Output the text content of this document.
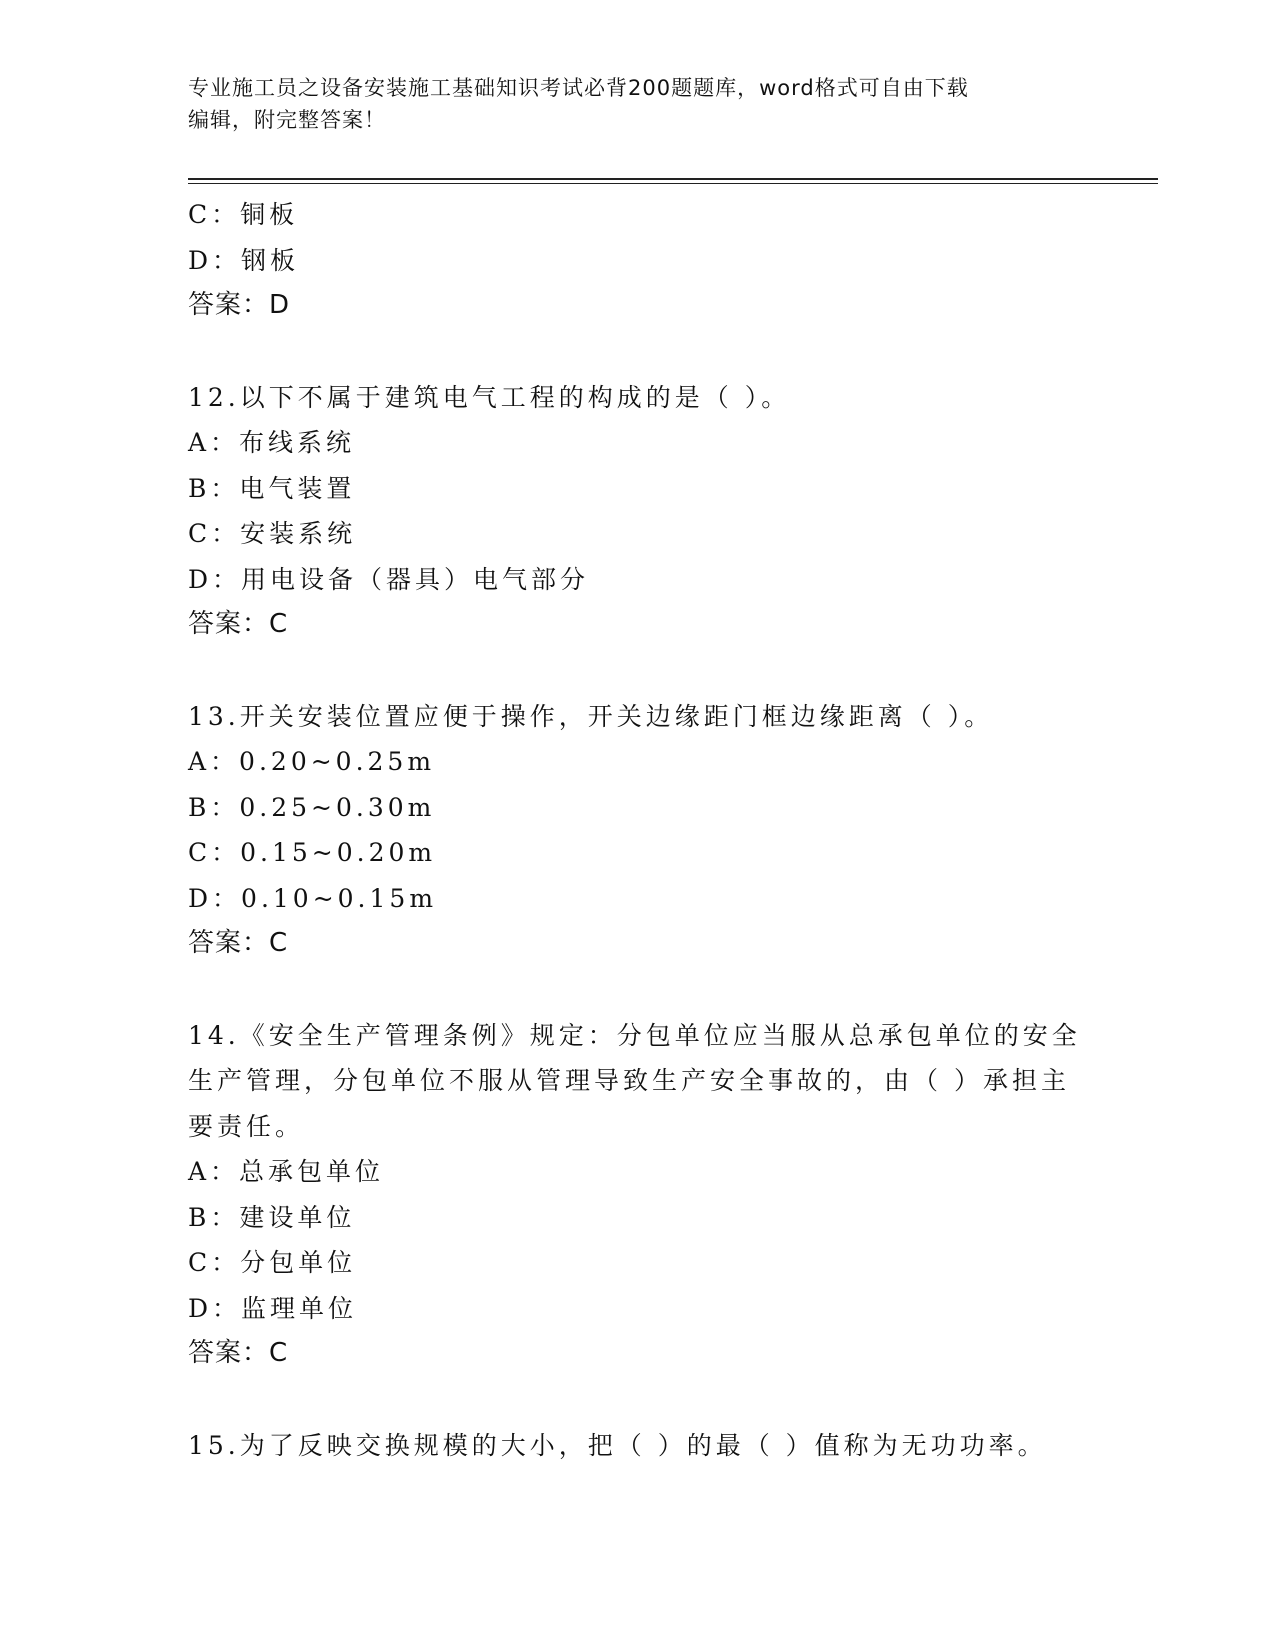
专业施工员之设备安装施工基础知识考试必背200题题库，word格式可自由下载
编辑，附完整答案！
C：铜板
D：钢板
答案：D
12.以下不属于建筑电气工程的构成的是（ ）。
A：布线系统
B：电气装置
C：安装系统
D：用电设备（器具）电气部分
答案：C
13.开关安装位置应便于操作，开关边缘距门框边缘距离（ ）。
A：0.20~0.25m
B：0.25~0.30m
C：0.15~0.20m
D：0.10~0.15m
答案：C
14.《安全生产管理条例》规定：分包单位应当服从总承包单位的安全
生产管理，分包单位不服从管理导致生产安全事故的，由（ ）承担主
要责任。
A：总承包单位
B：建设单位
C：分包单位
D：监理单位
答案：C
15.为了反映交换规模的大小，把（ ）的最（ ）值称为无功功率。
